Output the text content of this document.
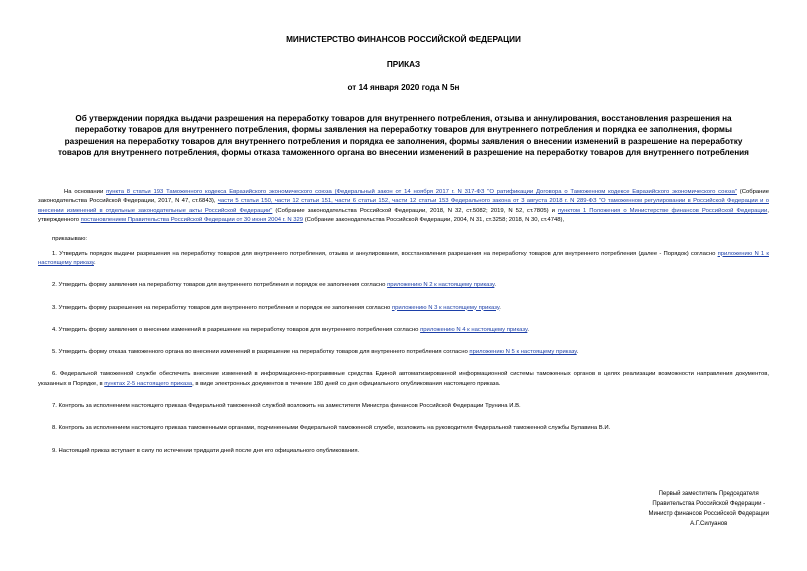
МИНИСТЕРСТВО ФИНАНСОВ РОССИЙСКОЙ ФЕДЕРАЦИИ
ПРИКАЗ
от 14 января 2020 года N 5н
Об утверждении порядка выдачи разрешения на переработку товаров для внутреннего потребления, отзыва и аннулирования, восстановления разрешения на переработку товаров для внутреннего потребления, формы заявления на переработку товаров для внутреннего потребления и порядка ее заполнения, формы разрешения на переработку товаров для внутреннего потребления и порядка ее заполнения, формы заявления о внесении изменений в разрешение на переработку товаров для внутреннего потребления, формы отказа таможенного органа во внесении изменений в разрешение на переработку товаров для внутреннего потребления
На основании пункта 8 статьи 193 Таможенного кодекса Евразийского экономического союза (Федеральный закон от 14 ноября 2017 г. N 317-ФЗ "О ратификации Договора о Таможенном кодексе Евразийского экономического союза" (Собрание законодательства Российской Федерации, 2017, N 47, ст.6843), части 5 статьи 150, части 12 статьи 151, части 6 статьи 152, части 12 статьи 153 Федерального закона от 3 августа 2018 г. N 289-ФЗ "О таможенном регулировании в Российской Федерации и о внесении изменений в отдельные законодательные акты Российской Федерации" (Собрание законодательства Российской Федерации, 2018, N 32, ст.5082; 2019, N 52, ст.7805) и пунктом 1 Положения о Министерстве финансов Российской Федерации, утвержденного постановлением Правительства Российской Федерации от 30 июня 2004 г. N 329 (Собрание законодательства Российской Федерации, 2004, N 31, ст.3258; 2018, N 30, ст.4748),
приказываю:
1. Утвердить порядок выдачи разрешения на переработку товаров для внутреннего потребления, отзыва и аннулирования, восстановления разрешения на переработку товаров для внутреннего потребления (далее - Порядок) согласно приложению N 1 к настоящему приказу.
2. Утвердить форму заявления на переработку товаров для внутреннего потребления и порядок ее заполнения согласно приложению N 2 к настоящему приказу.
3. Утвердить форму разрешения на переработку товаров для внутреннего потребления и порядок ее заполнения согласно приложению N 3 к настоящему приказу.
4. Утвердить форму заявления о внесении изменений в разрешение на переработку товаров для внутреннего потребления согласно приложению N 4 к настоящему приказу.
5. Утвердить форму отказа таможенного органа во внесении изменений в разрешение на переработку товаров для внутреннего потребления согласно приложению N 5 к настоящему приказу.
6. Федеральной таможенной службе обеспечить внесение изменений в информационно-программные средства Единой автоматизированной информационной системы таможенных органов в целях реализации возможности направления документов, указанных в Порядке, в пунктах 2-5 настоящего приказа, в виде электронных документов в течение 180 дней со дня официального опубликования настоящего приказа.
7. Контроль за исполнением настоящего приказа Федеральной таможенной службой возложить на заместителя Министра финансов Российской Федерации Трунина И.В.
8. Контроль за исполнением настоящего приказа таможенными органами, подчиненными Федеральной таможенной службе, возложить на руководителя Федеральной таможенной службы Булавина В.И.
9. Настоящий приказ вступает в силу по истечении тридцати дней после дня его официального опубликования.
Первый заместитель Председателя
Правительства Российской Федерации -
Министр финансов Российской Федерации
А.Г.Силуанов
